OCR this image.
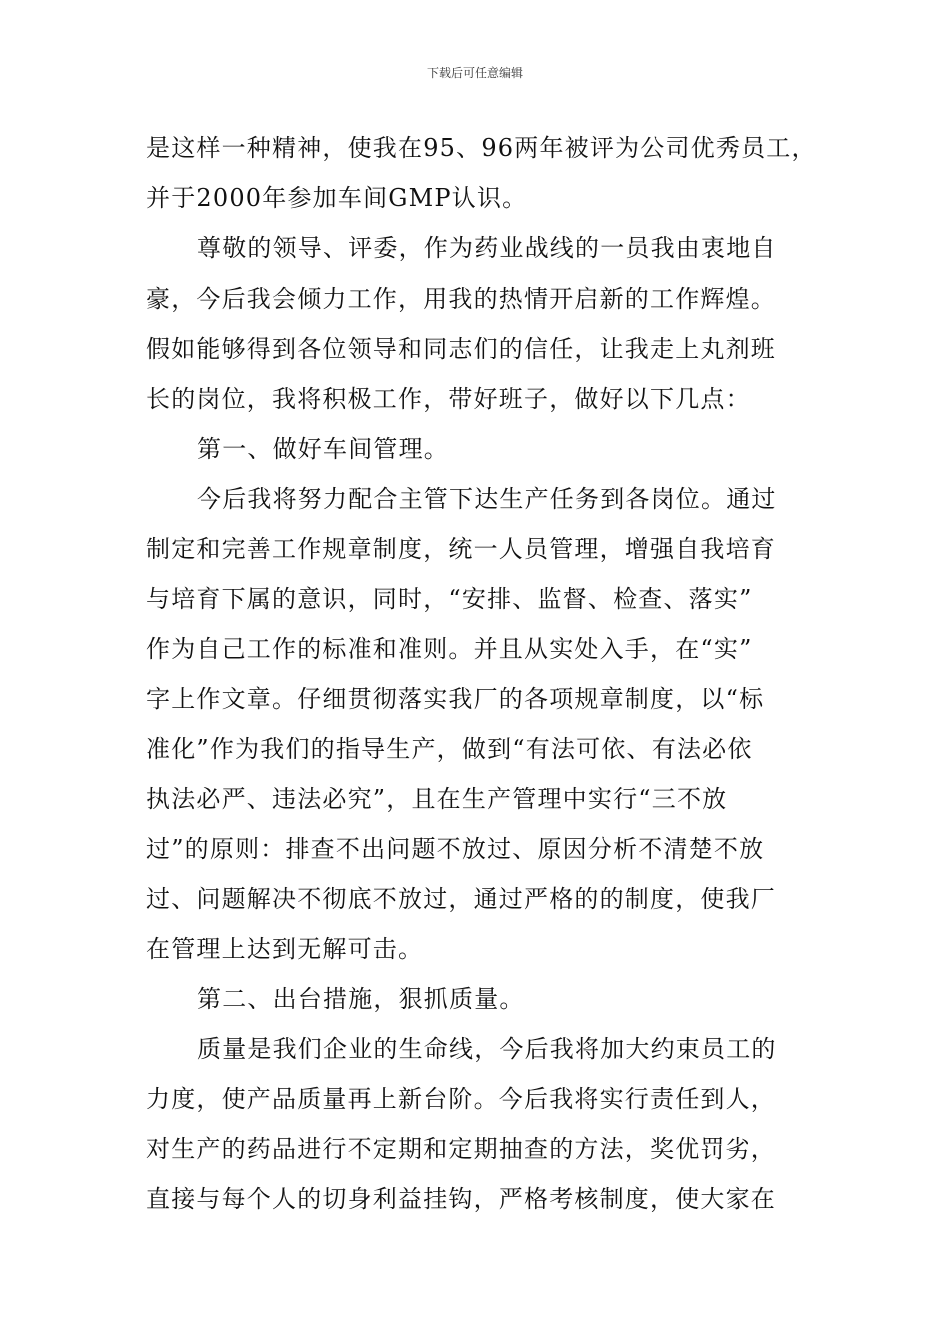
下载后可任意编辑
是这样一种精神，使我在95、96两年被评为公司优秀员工，
并于2000年参加车间GMP认识。
尊敬的领导、评委，作为药业战线的一员我由衷地自
豪，今后我会倾力工作，用我的热情开启新的工作辉煌。
假如能够得到各位领导和同志们的信任，让我走上丸剂班
长的岗位，我将积极工作，带好班子，做好以下几点：
第一、做好车间管理。
今后我将努力配合主管下达生产任务到各岗位。通过
制定和完善工作规章制度，统一人员管理，增强自我培育
与培育下属的意识，同时，“安排、监督、检查、落实”
作为自己工作的标准和准则。并且从实处入手，在“实”
字上作文章。仔细贯彻落实我厂的各项规章制度，以“标
准化”作为我们的指导生产，做到“有法可依、有法必依
执法必严、违法必究”，且在生产管理中实行“三不放
过”的原则：排查不出问题不放过、原因分析不清楚不放
过、问题解决不彻底不放过，通过严格的的制度，使我厂
在管理上达到无解可击。
第二、出台措施，狠抓质量。
质量是我们企业的生命线，今后我将加大约束员工的
力度，使产品质量再上新台阶。今后我将实行责任到人，
对生产的药品进行不定期和定期抽查的方法，奖优罚劣，
直接与每个人的切身利益挂钩，严格考核制度，使大家在
